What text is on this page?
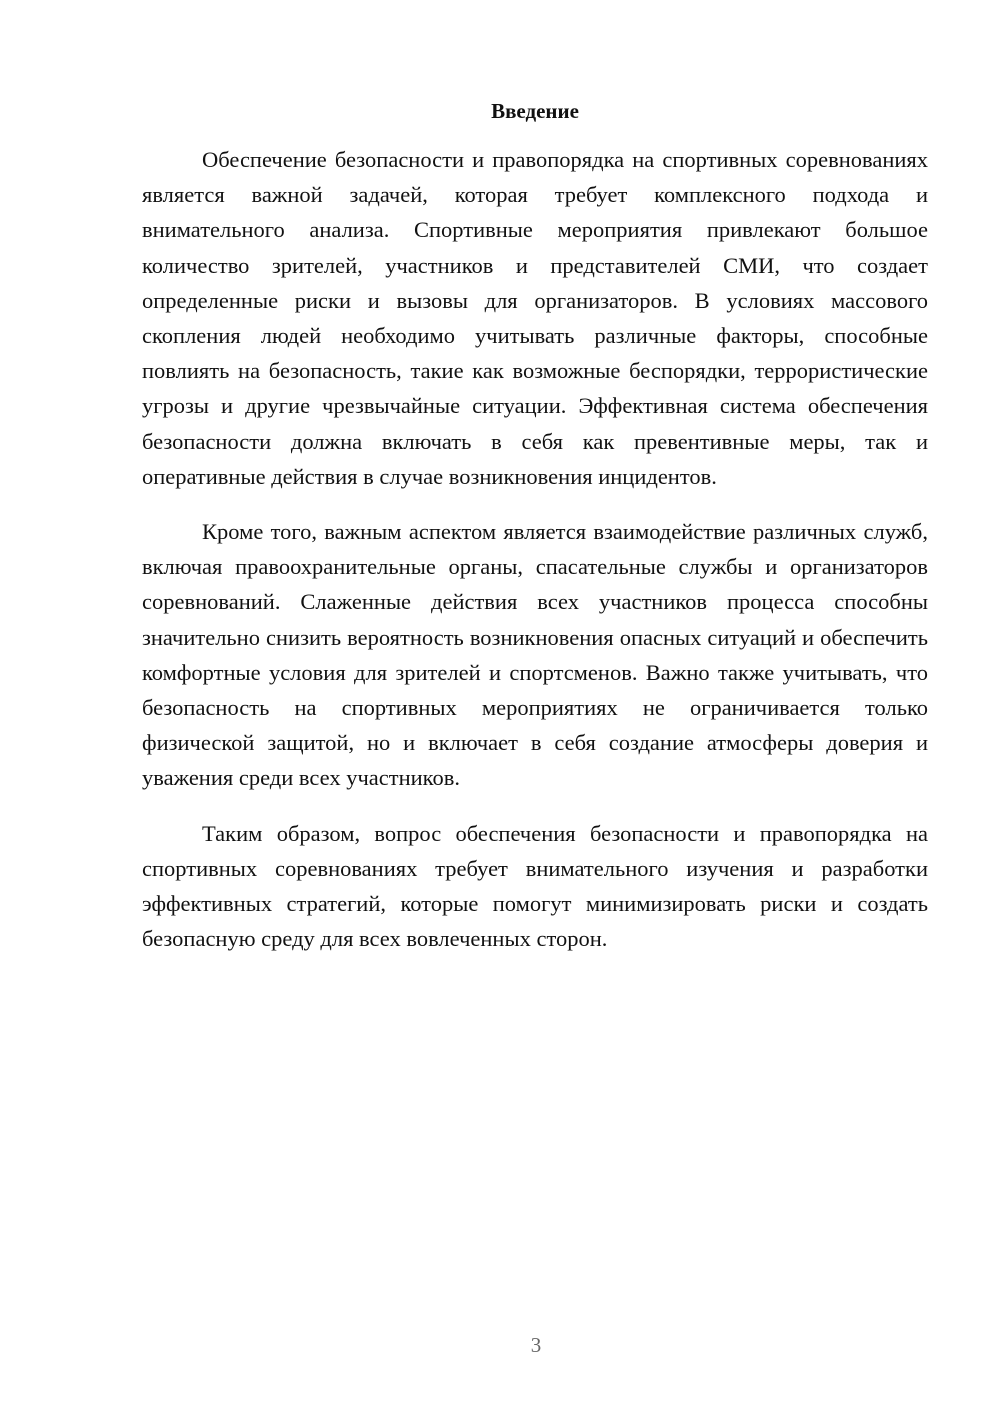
Введение

Обеспечение безопасности и правопорядка на спортивных соревнованиях является важной задачей, которая требует комплексного подхода и внимательного анализа. Спортивные мероприятия привлекают большое количество зрителей, участников и представителей СМИ, что создает определенные риски и вызовы для организаторов. В условиях массового скопления людей необходимо учитывать различные факторы, способные повлиять на безопасность, такие как возможные беспорядки, террористические угрозы и другие чрезвычайные ситуации. Эффективная система обеспечения безопасности должна включать в себя как превентивные меры, так и оперативные действия в случае возникновения инцидентов.

Кроме того, важным аспектом является взаимодействие различных служб, включая правоохранительные органы, спасательные службы и организаторов соревнований. Слаженные действия всех участников процесса способны значительно снизить вероятность возникновения опасных ситуаций и обеспечить комфортные условия для зрителей и спортсменов. Важно также учитывать, что безопасность на спортивных мероприятиях не ограничивается только физической защитой, но и включает в себя создание атмосферы доверия и уважения среди всех участников.

Таким образом, вопрос обеспечения безопасности и правопорядка на спортивных соревнованиях требует внимательного изучения и разработки эффективных стратегий, которые помогут минимизировать риски и создать безопасную среду для всех вовлеченных сторон.

3
